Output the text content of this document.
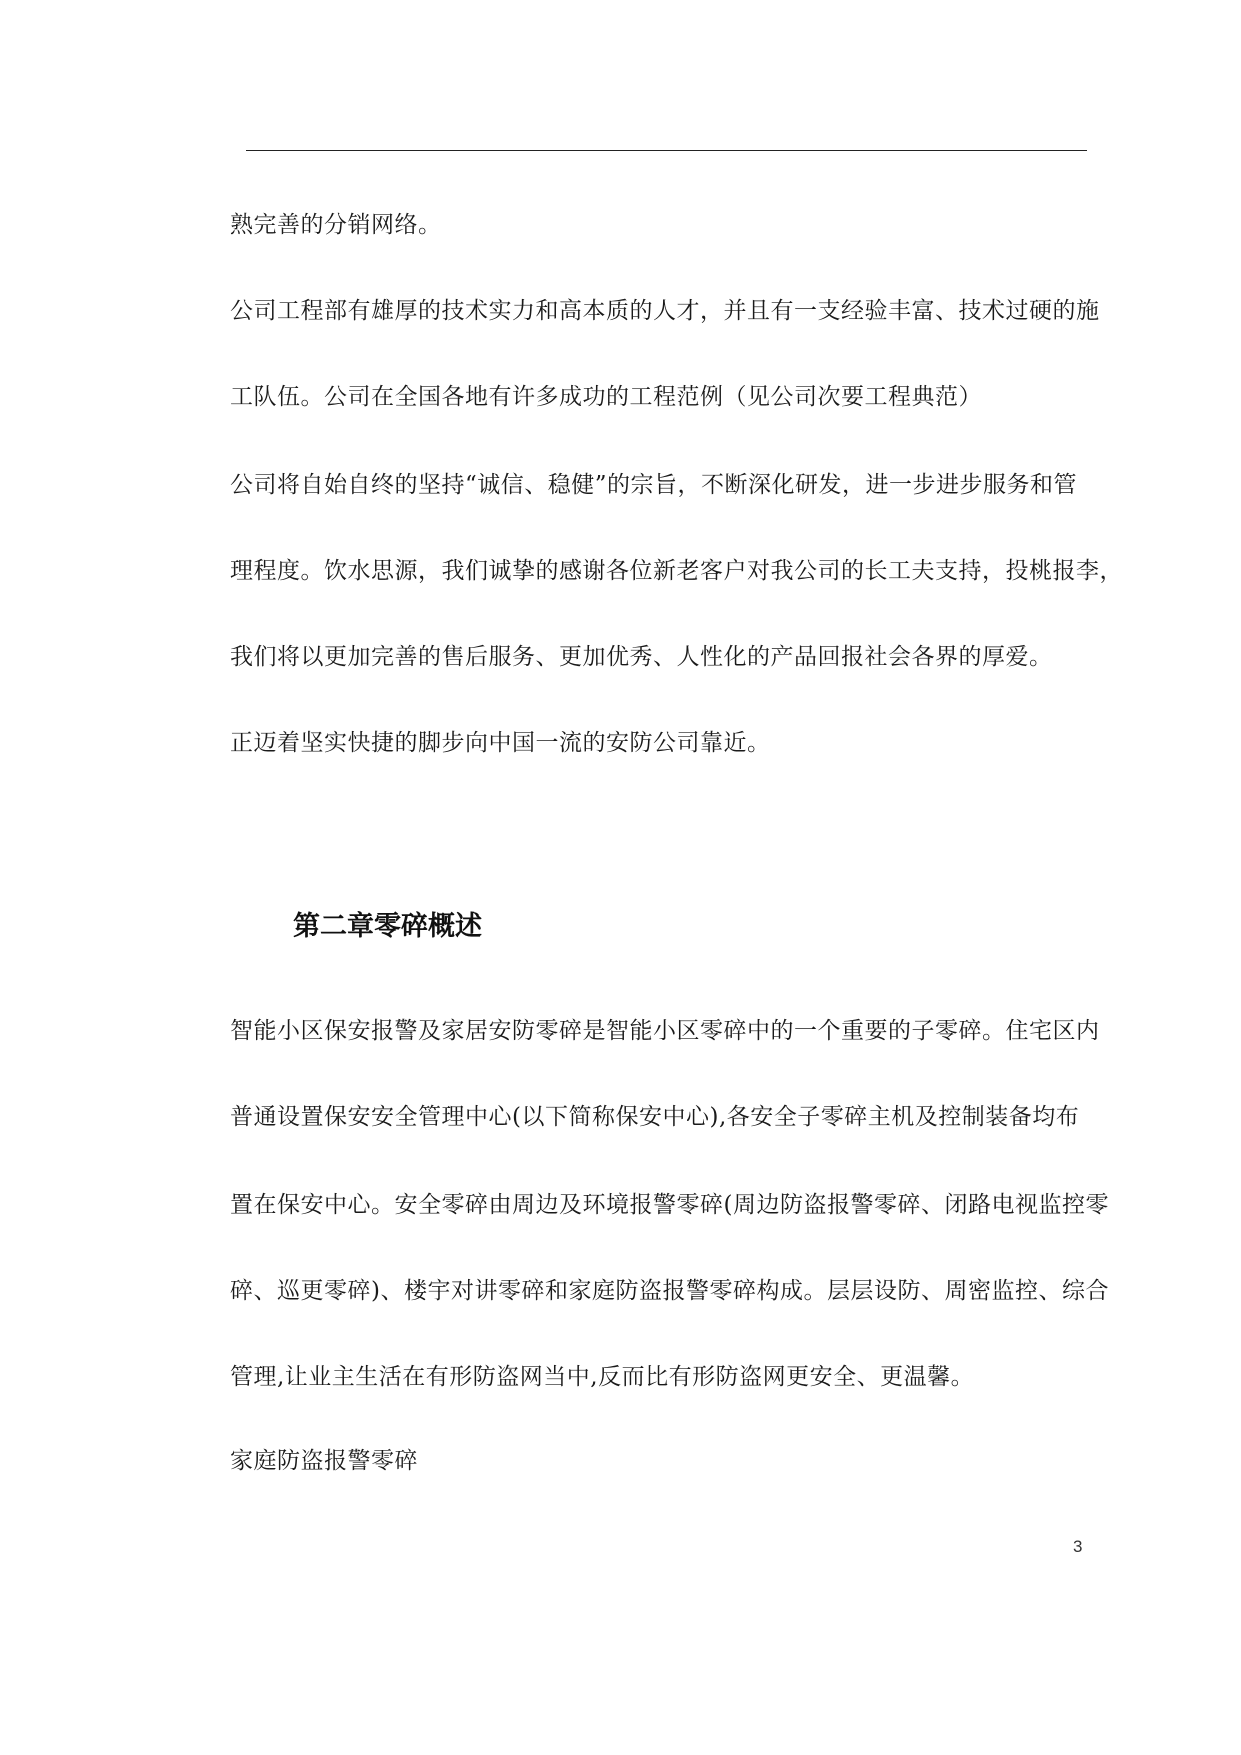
熟完善的分销网络。
公司工程部有雄厚的技术实力和高本质的人才，并且有一支经验丰富、技术过硬的施
工队伍。公司在全国各地有许多成功的工程范例（见公司次要工程典范）
公司将自始自终的坚持“诚信、稳健”的宗旨，不断深化研发，进一步进步服务和管
理程度。饮水思源，我们诚挚的感谢各位新老客户对我公司的长工夫支持，投桃报李，
我们将以更加完善的售后服务、更加优秀、人性化的产品回报社会各界的厚爱。
正迈着坚实快捷的脚步向中国一流的安防公司靠近。
第二章零碎概述
智能小区保安报警及家居安防零碎是智能小区零碎中的一个重要的子零碎。住宅区内
普通设置保安安全管理中心(以下简称保安中心),各安全子零碎主机及控制装备均布
置在保安中心。安全零碎由周边及环境报警零碎(周边防盗报警零碎、闭路电视监控零
碎、巡更零碎)、楼宇对讲零碎和家庭防盗报警零碎构成。层层设防、周密监控、综合
管理,让业主生活在有形防盗网当中,反而比有形防盗网更安全、更温馨。
家庭防盗报警零碎
3
